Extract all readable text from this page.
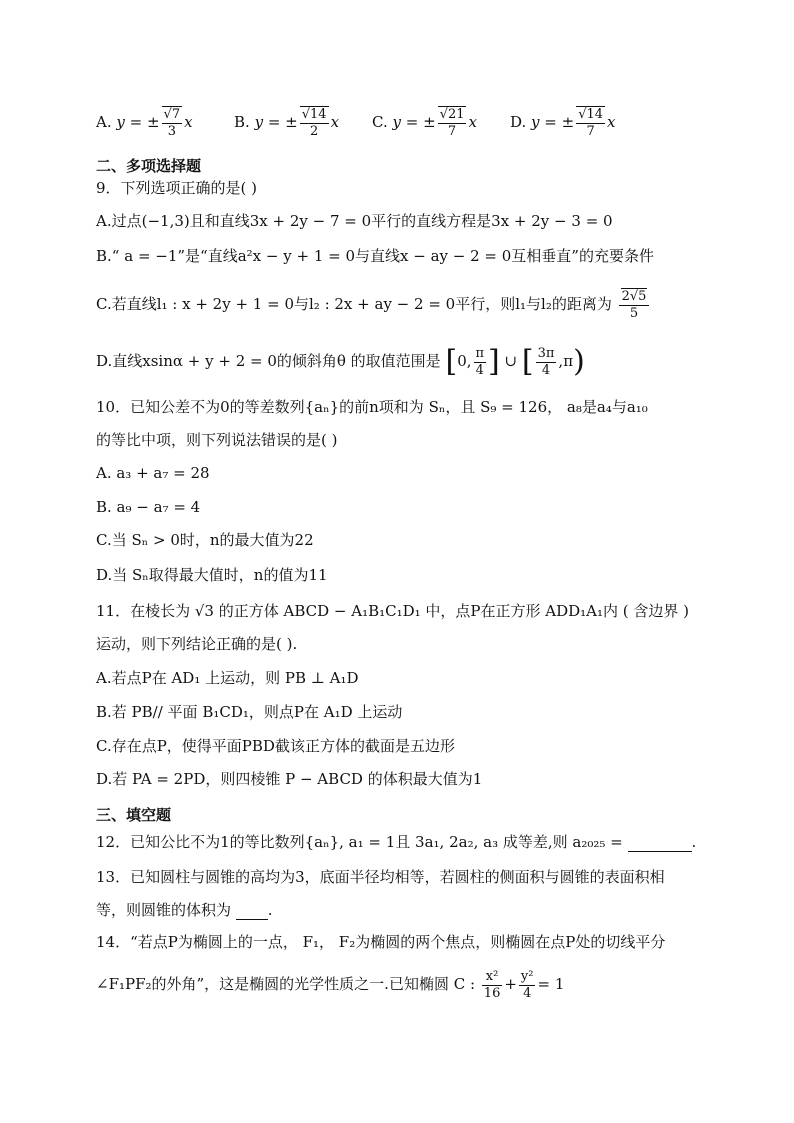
A. y = ± $\frac{√7}{3}$ x	B. y = ± $\frac{√14}{2}$ x C. y = ± $\frac{√21}{7}$ x D. y = ± $\frac{√14}{7}$ x
二、多项选择题
9．下列选项正确的是( )
A.过点(−1,3)且和直线3x + 2y − 7 = 0平行的直线方程是3x + 2y − 3 = 0
B.“ a = −1”是“直线a²x − y + 1 = 0与直线x − ay − 2 = 0互相垂直”的充要条件
C.若直线l₁ : x + 2y + 1 = 0与l₂ : 2x + ay − 2 = 0平行，则l₁与l₂的距离为 $\frac{2√5}{5}$
D.直线xsinα + y + 2 = 0的倾斜角θ 的取值范围是 [0, $\frac{\pi}{4}$ ] ∪ [ $\frac{3\pi}{4} ,\pi$)
10．已知公差不为0的等差数列{aₙ}的前n项和为 Sₙ，且 S₉ = 126， a₈是a₄与a₁₀
的等比中项，则下列说法错误的是( )
A. a₃ + a₇ = 28
B. a₉ − a₇ = 4
C.当 Sₙ > 0时，n的最大值为22
D.当 Sₙ取得最大值时，n的值为11
11．在棱长为 √3 的正方体 ABCD − A₁B₁C₁D₁ 中，点P在正方形 ADD₁A₁内 ( 含边界 )
运动，则下列结论正确的是( ).
A.若点P在 AD₁ 上运动，则 PB ⊥ A₁D
B.若 PB// 平面 B₁CD₁，则点P在 A₁D 上运动
C.存在点P，使得平面PBD截该正方体的截面是五边形
D.若 PA = 2PD，则四棱锥 P − ABCD 的体积最大值为1
三、填空题
12．已知公比不为1的等比数列{aₙ}, a₁ = 1且 3a₁, 2a₂, a₃ 成等差,则 a₂₀₂₅ =	.
13．已知圆柱与圆锥的高均为3，底面半径均相等，若圆柱的侧面积与圆锥的表面积相
等，则圆锥的体积为 .
14．“若点P为椭圆上的一点， F₁， F₂为椭圆的两个焦点，则椭圆在点P处的切线平分
∠F₁PF₂的外角”，这是椭圆的光学性质之一.已知椭圆 C : $\frac{\text{x²}}{16} + \frac{\text{y²}}{4} = 1$
